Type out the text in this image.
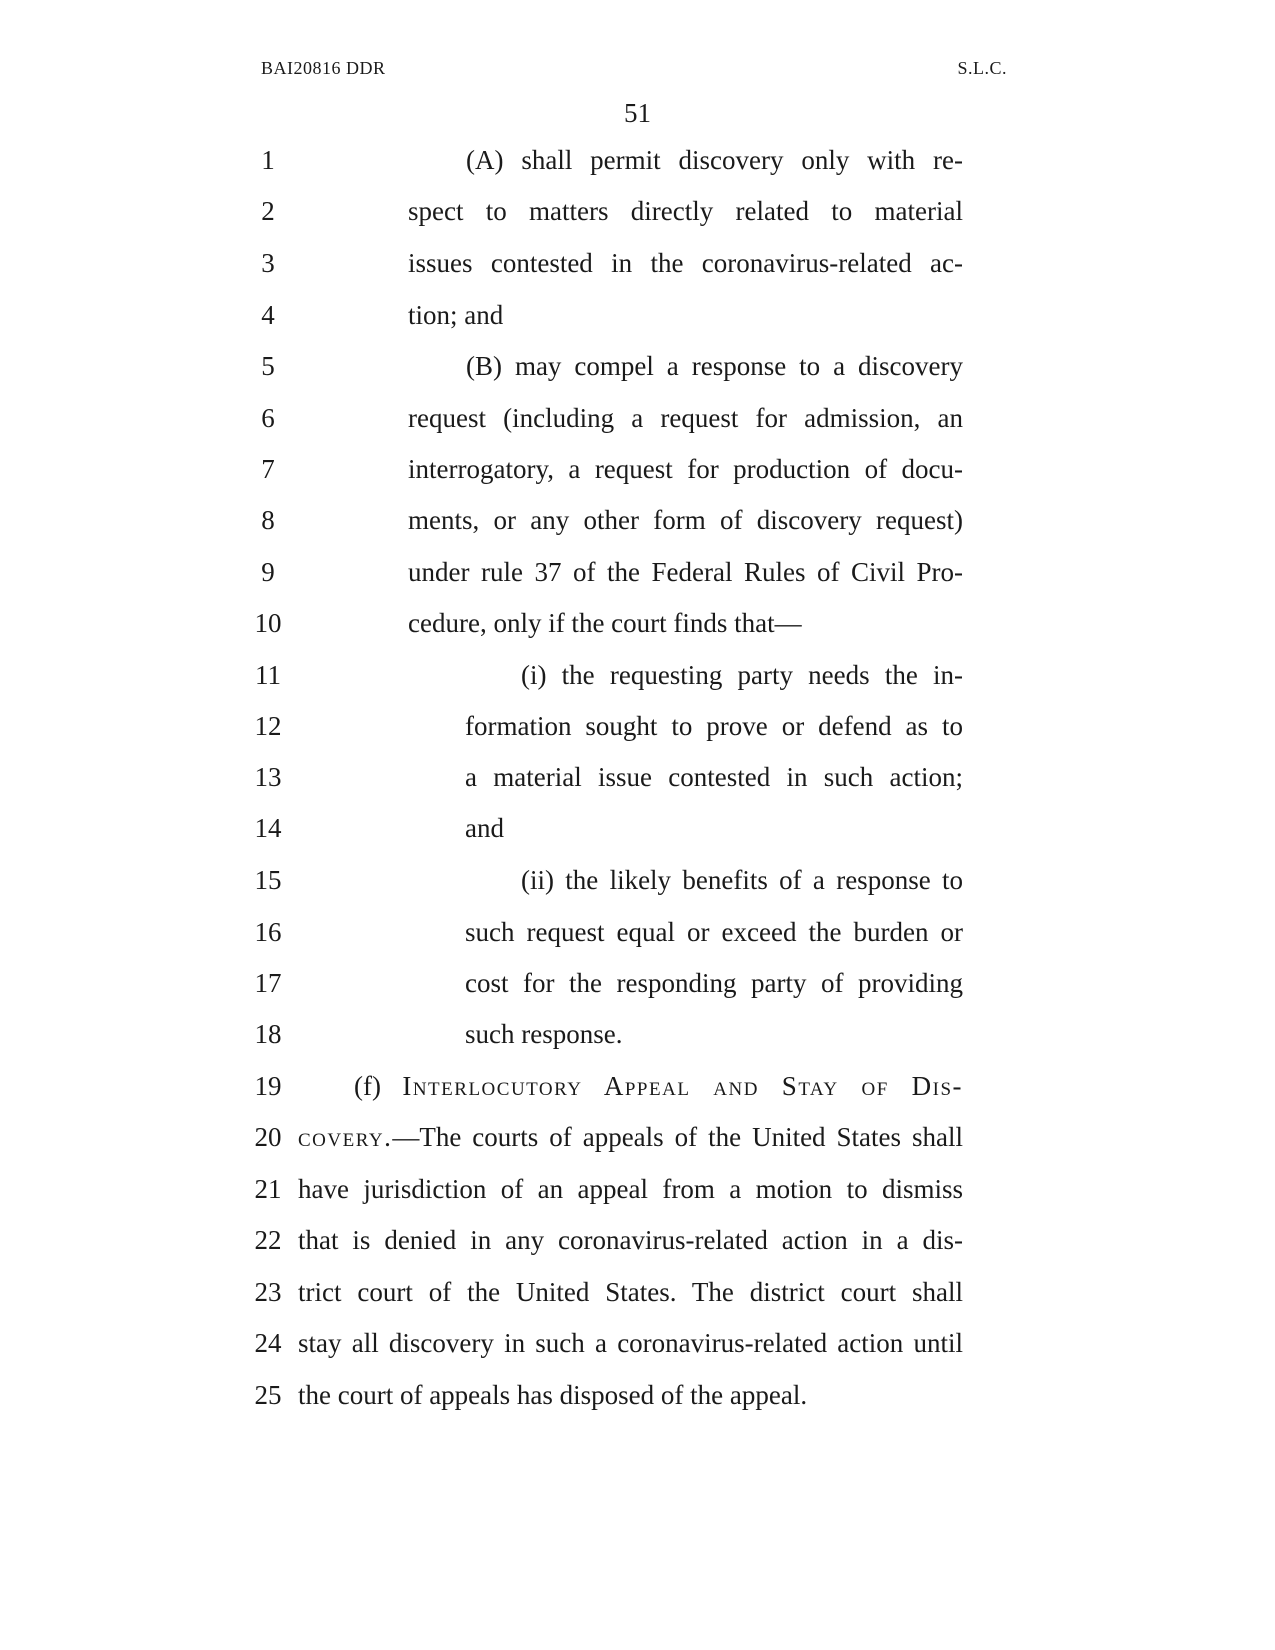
BAI20816 DDR	S.L.C.
51
1	(A) shall permit discovery only with re-
2	spect to matters directly related to material
3	issues contested in the coronavirus-related ac-
4	tion; and
5	(B) may compel a response to a discovery
6	request (including a request for admission, an
7	interrogatory, a request for production of docu-
8	ments, or any other form of discovery request)
9	under rule 37 of the Federal Rules of Civil Pro-
10	cedure, only if the court finds that—
11	(i) the requesting party needs the in-
12	formation sought to prove or defend as to
13	a material issue contested in such action;
14	and
15	(ii) the likely benefits of a response to
16	such request equal or exceed the burden or
17	cost for the responding party of providing
18	such response.
19	(f) Interlocutory Appeal and Stay of Dis-
20 covery.—The courts of appeals of the United States shall
21 have jurisdiction of an appeal from a motion to dismiss
22 that is denied in any coronavirus-related action in a dis-
23 trict court of the United States. The district court shall
24 stay all discovery in such a coronavirus-related action until
25 the court of appeals has disposed of the appeal.
